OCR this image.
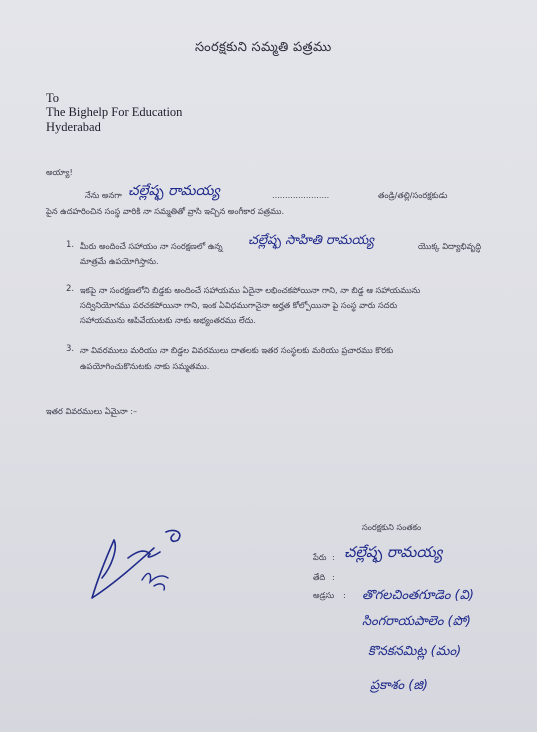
సంరక్షకుని సమ్మతి పత్రము
To
The Bighelp For Education
Hyderabad
అయ్యా!
నేను అనగా చల్లేష్ఫ రామయ్య	......................	తండ్రి/తల్లి/సంరక్షకుడు
పైన ఉదహరించిన సంస్థ వారికి నా సమ్మతితో వ్రాసి ఇచ్చిన అంగీకార పత్రము.
1. మీరు అందించే సహాయం నా సంరక్షణలో ఉన్న చల్లేష్ఫ సాహితి రామయ్య	యొక్క విద్యాభివృద్ధి
మాత్రమే ఉపయోగిస్తాను.
2. ఇకపై నా సంరక్షణలోని బిడ్డకు అందించే సహాయము ఏదైనా లభించకపోయినా గాని, నా బిడ్డ ఆ సహాయమును
సద్వినియోగము పరచకపోయినా గాని, ఇంక ఏవిధముగానైనా అర్హత కోల్పోయినా పై సంస్థ వారు సదరు
సహాయమును ఆపివేయుటకు నాకు అభ్యంతరము లేదు.
3. నా వివరములు మరియు నా బిడ్డల వివరములు దాతలకు ఇతర సంస్థలకు మరియు ప్రచారము కొరకు
ఉపయోగించుకొనుటకు నాకు సమ్మతము.
ఇతర వివరములు ఏమైనా :–
సంరక్షకుని సంతకం
పేరు : చల్లేష్ఫ రామయ్య
తేది :
అడ్రసు : తొగలచింతగూడెం (వి)
సింగరాయపాలెం (పో)
కొనకనమిట్ల (మం)
ప్రకాశం (జి)
